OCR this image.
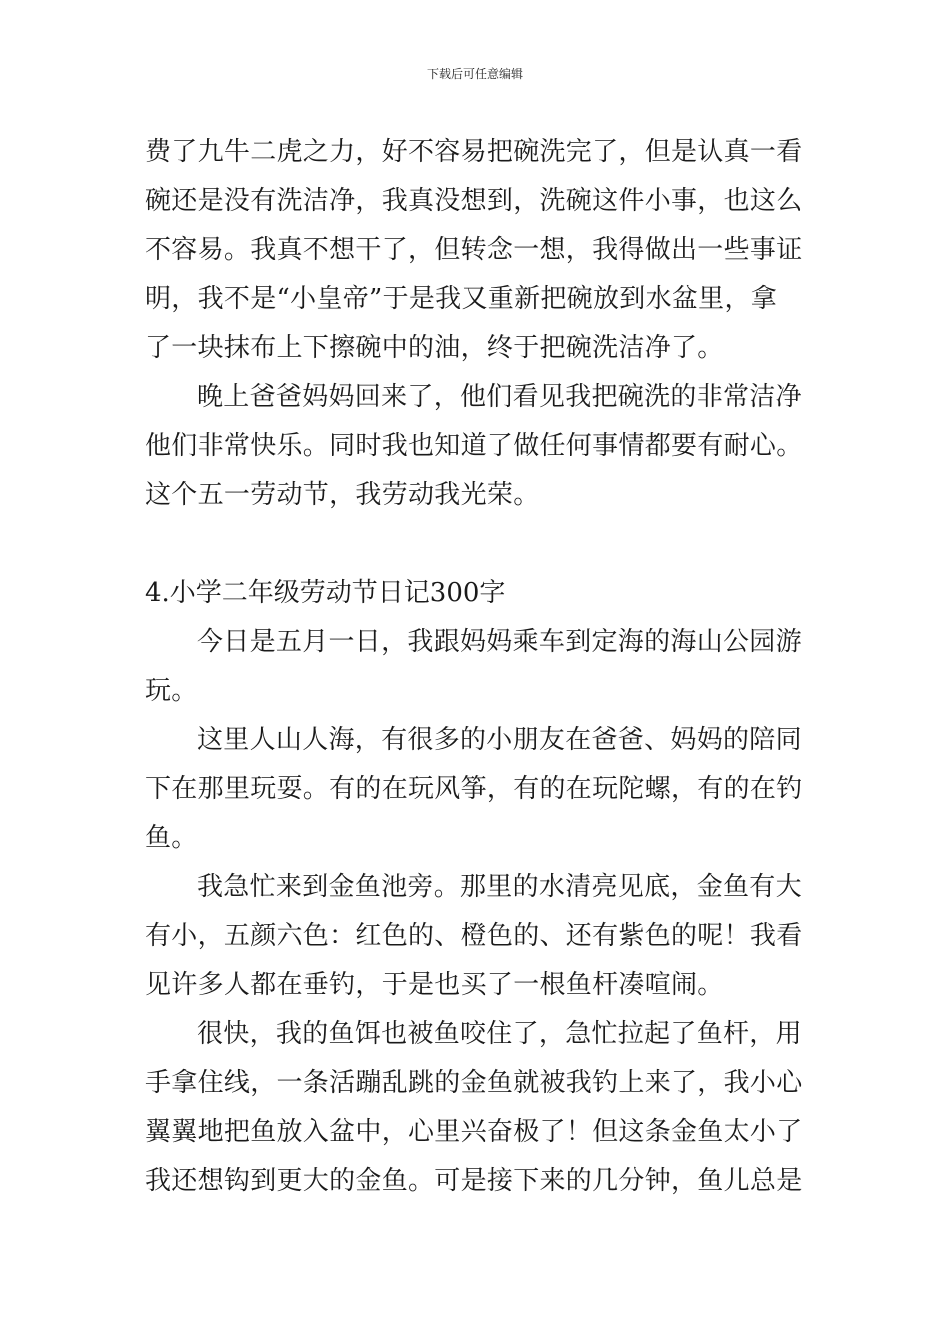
下载后可任意编辑
费了九牛二虎之力，好不容易把碗洗完了，但是认真一看
碗还是没有洗洁净，我真没想到，洗碗这件小事，也这么
不容易。我真不想干了，但转念一想，我得做出一些事证
明，我不是“小皇帝”于是我又重新把碗放到水盆里，拿
了一块抹布上下擦碗中的油，终于把碗洗洁净了。
晚上爸爸妈妈回来了，他们看见我把碗洗的非常洁净
他们非常快乐。同时我也知道了做任何事情都要有耐心。
这个五一劳动节，我劳动我光荣。
4.小学二年级劳动节日记300字
今日是五月一日，我跟妈妈乘车到定海的海山公园游
玩。
这里人山人海，有很多的小朋友在爸爸、妈妈的陪同
下在那里玩耍。有的在玩风筝，有的在玩陀螺，有的在钓
鱼。
我急忙来到金鱼池旁。那里的水清亮见底，金鱼有大
有小，五颜六色：红色的、橙色的、还有紫色的呢！我看
见许多人都在垂钓，于是也买了一根鱼杆凑喧闹。
很快，我的鱼饵也被鱼咬住了，急忙拉起了鱼杆，用
手拿住线，一条活蹦乱跳的金鱼就被我钓上来了，我小心
翼翼地把鱼放入盆中，心里兴奋极了！但这条金鱼太小了
我还想钩到更大的金鱼。可是接下来的几分钟，鱼儿总是
